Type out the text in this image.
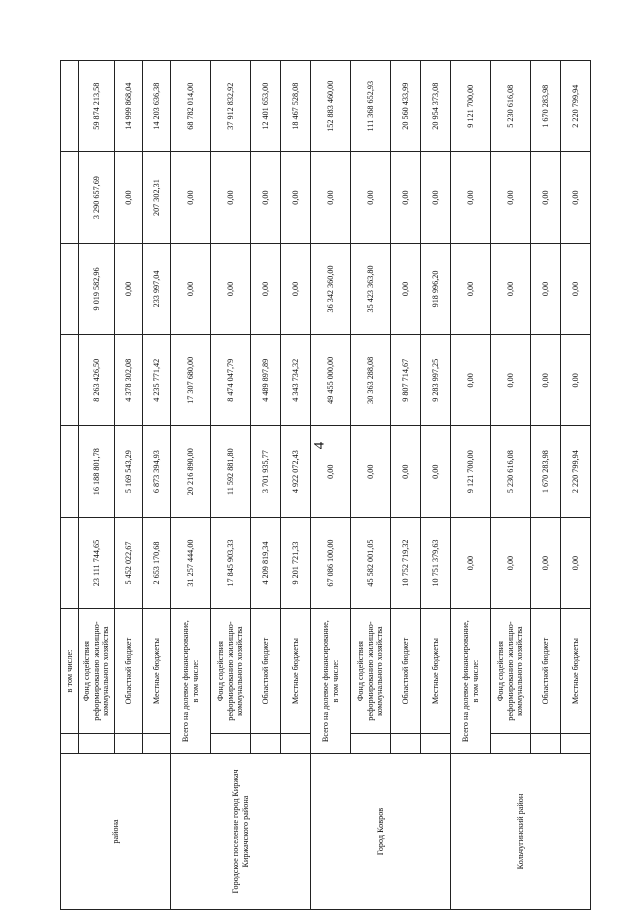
4
района		в том числе:						
		Фонд содействия реформированию жилищно-коммунального хозяйства	23 111 744,65	16 188 801,78	8 263 426,50	9 019 582,96	3 290 657,69	59 874 213,58
		Областной бюджет	5 452 022,67	5 169 543,29	4 378 302,08	0,00	0,00	14 999 868,04
		Местные бюджеты	2 653 170,68	6 873 394,93	4 235 771,42	233 997,04	207 302,31	14 203 636,38
Городское поселение город Киржач Киржачского района	Всего на долевое финансирование, в том числе:		31 257 444,00	20 216 890,00	17 307 680,00	0,00	0,00	68 782 014,00
		Фонд содействия реформированию жилищно-коммунального хозяйства	17 845 903,33	11 592 881,80	8 474 047,79	0,00	0,00	37 912 832,92
		Областной бюджет	4 209 819,34	3 701 935,77	4 489 897,89	0,00	0,00	12 401 653,00
		Местные бюджеты	9 201 721,33	4 922 072,43	4 343 734,32	0,00	0,00	18 467 528,08
Город Ковров	Всего на долевое финансирование, в том числе:		67 086 100,00	0,00	49 455 000,00	36 342 360,00	0,00	152 883 460,00
		Фонд содействия реформированию жилищно-коммунального хозяйства	45 582 001,05	0,00	30 363 288,08	35 423 363,80	0,00	111 368 652,93
		Областной бюджет	10 752 719,32	0,00	9 807 714,67	0,00	0,00	20 560 433,99
		Местные бюджеты	10 751 379,63	0,00	9 283 997,25	918 996,20	0,00	20 954 373,08
Кольчугинский район	Всего на долевое финансирование, в том числе:		0,00	9 121 700,00	0,00	0,00	0,00	9 121 700,00
		Фонд содействия реформированию жилищно-коммунального хозяйства	0,00	5 230 616,08	0,00	0,00	0,00	5 230 616,08
		Областной бюджет	0,00	1 670 283,98	0,00	0,00	0,00	1 670 283,98
		Местные бюджеты	0,00	2 220 799,94	0,00	0,00	0,00	2 220 799,94
